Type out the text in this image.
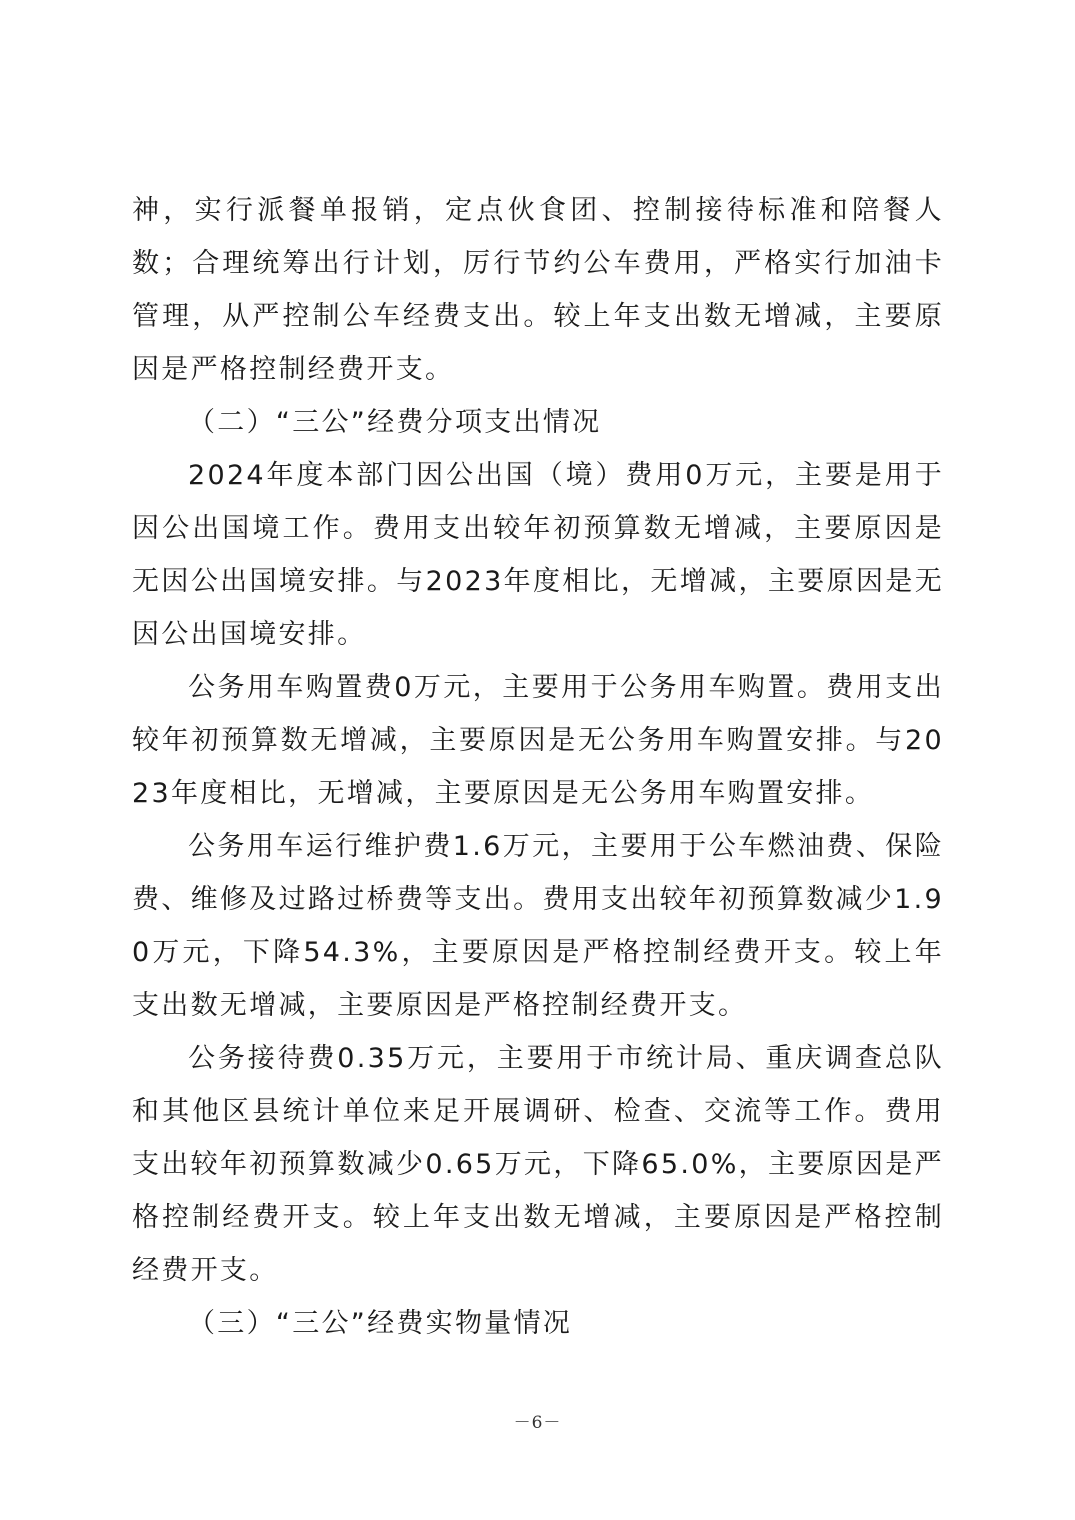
神，实行派餐单报销，定点伙食团、控制接待标准和陪餐人数；合理统筹出行计划，厉行节约公车费用，严格实行加油卡管理，从严控制公车经费支出。较上年支出数无增减，主要原因是严格控制经费开支。

（二）“三公”经费分项支出情况

2024年度本部门因公出国（境）费用0万元，主要是用于因公出国境工作。费用支出较年初预算数无增减，主要原因是无因公出国境安排。与2023年度相比，无增减，主要原因是无因公出国境安排。

公务用车购置费0万元，主要用于公务用车购置。费用支出较年初预算数无增减，主要原因是无公务用车购置安排。与2023年度相比，无增减，主要原因是无公务用车购置安排。

公务用车运行维护费1.6万元，主要用于公车燃油费、保险费、维修及过路过桥费等支出。费用支出较年初预算数减少1.90万元，下降54.3%，主要原因是严格控制经费开支。较上年支出数无增减，主要原因是严格控制经费开支。

公务接待费0.35万元，主要用于市统计局、重庆调查总队和其他区县统计单位来足开展调研、检查、交流等工作。费用支出较年初预算数减少0.65万元，下降65.0%，主要原因是严格控制经费开支。较上年支出数无增减，主要原因是严格控制经费开支。

（三）“三公”经费实物量情况

－6－
